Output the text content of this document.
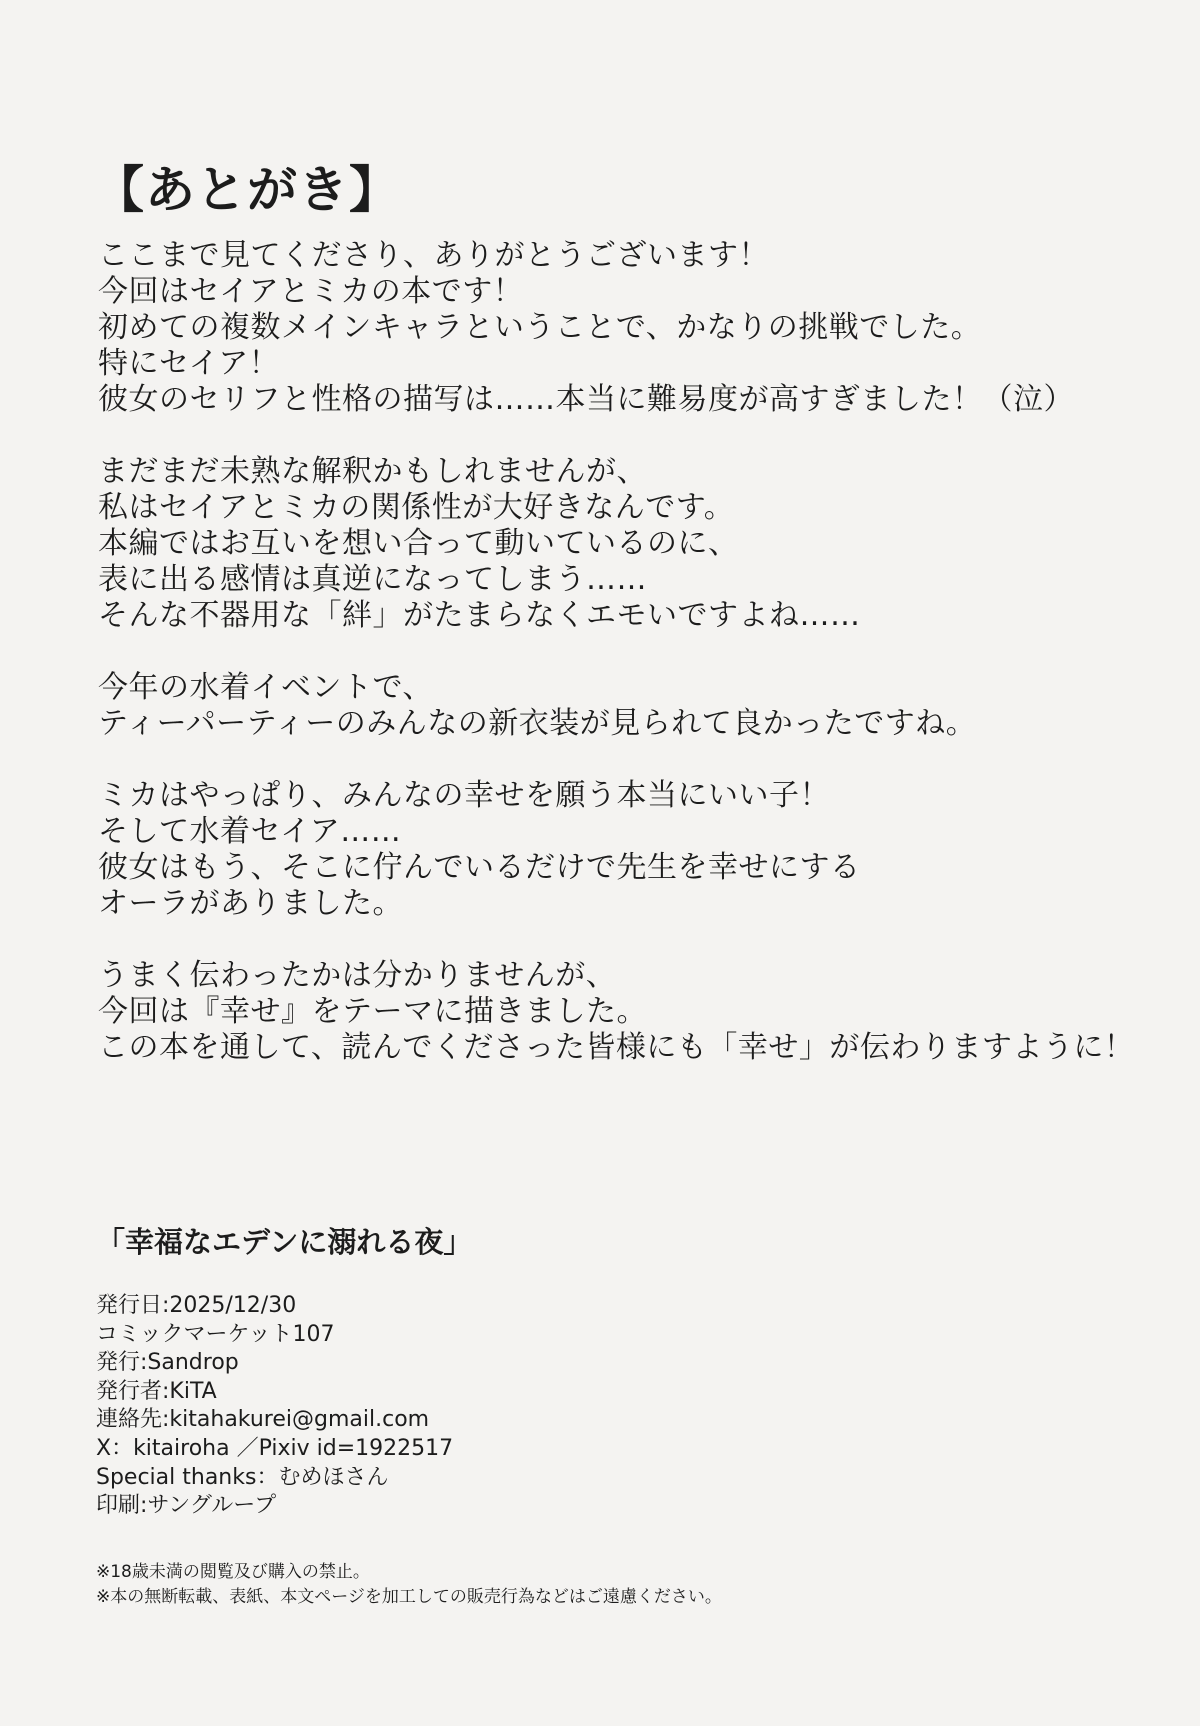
【あとがき】
ここまで見てくださり、ありがとうございます！
今回はセイアとミカの本です！
初めての複数メインキャラということで、かなりの挑戦でした。
特にセイア！
彼女のセリフと性格の描写は……本当に難易度が高すぎました！（泣）
まだまだ未熟な解釈かもしれませんが、
私はセイアとミカの関係性が大好きなんです。
本編ではお互いを想い合って動いているのに、
表に出る感情は真逆になってしまう……
そんな不器用な「絆」がたまらなくエモいですよね……
今年の水着イベントで、
ティーパーティーのみんなの新衣装が見られて良かったですね。
ミカはやっぱり、みんなの幸せを願う本当にいい子！
そして水着セイア……
彼女はもう、そこに佇んでいるだけで先生を幸せにする
オーラがありました。
うまく伝わったかは分かりませんが、
今回は『幸せ』をテーマに描きました。
この本を通して、読んでくださった皆様にも「幸せ」が伝わりますように！
「幸福なエデンに溺れる夜」
発行日:2025/12/30
コミックマーケット107
発行:Sandrop
発行者:KiTA
連絡先:kitahakurei@gmail.com
X：kitairoha ／Pixiv id=1922517
Special thanks：むめほさん
印刷:サングループ
※18歳未満の閲覧及び購入の禁止。
※本の無断転載、表紙、本文ページを加工しての販売行為などはご遠慮ください。
